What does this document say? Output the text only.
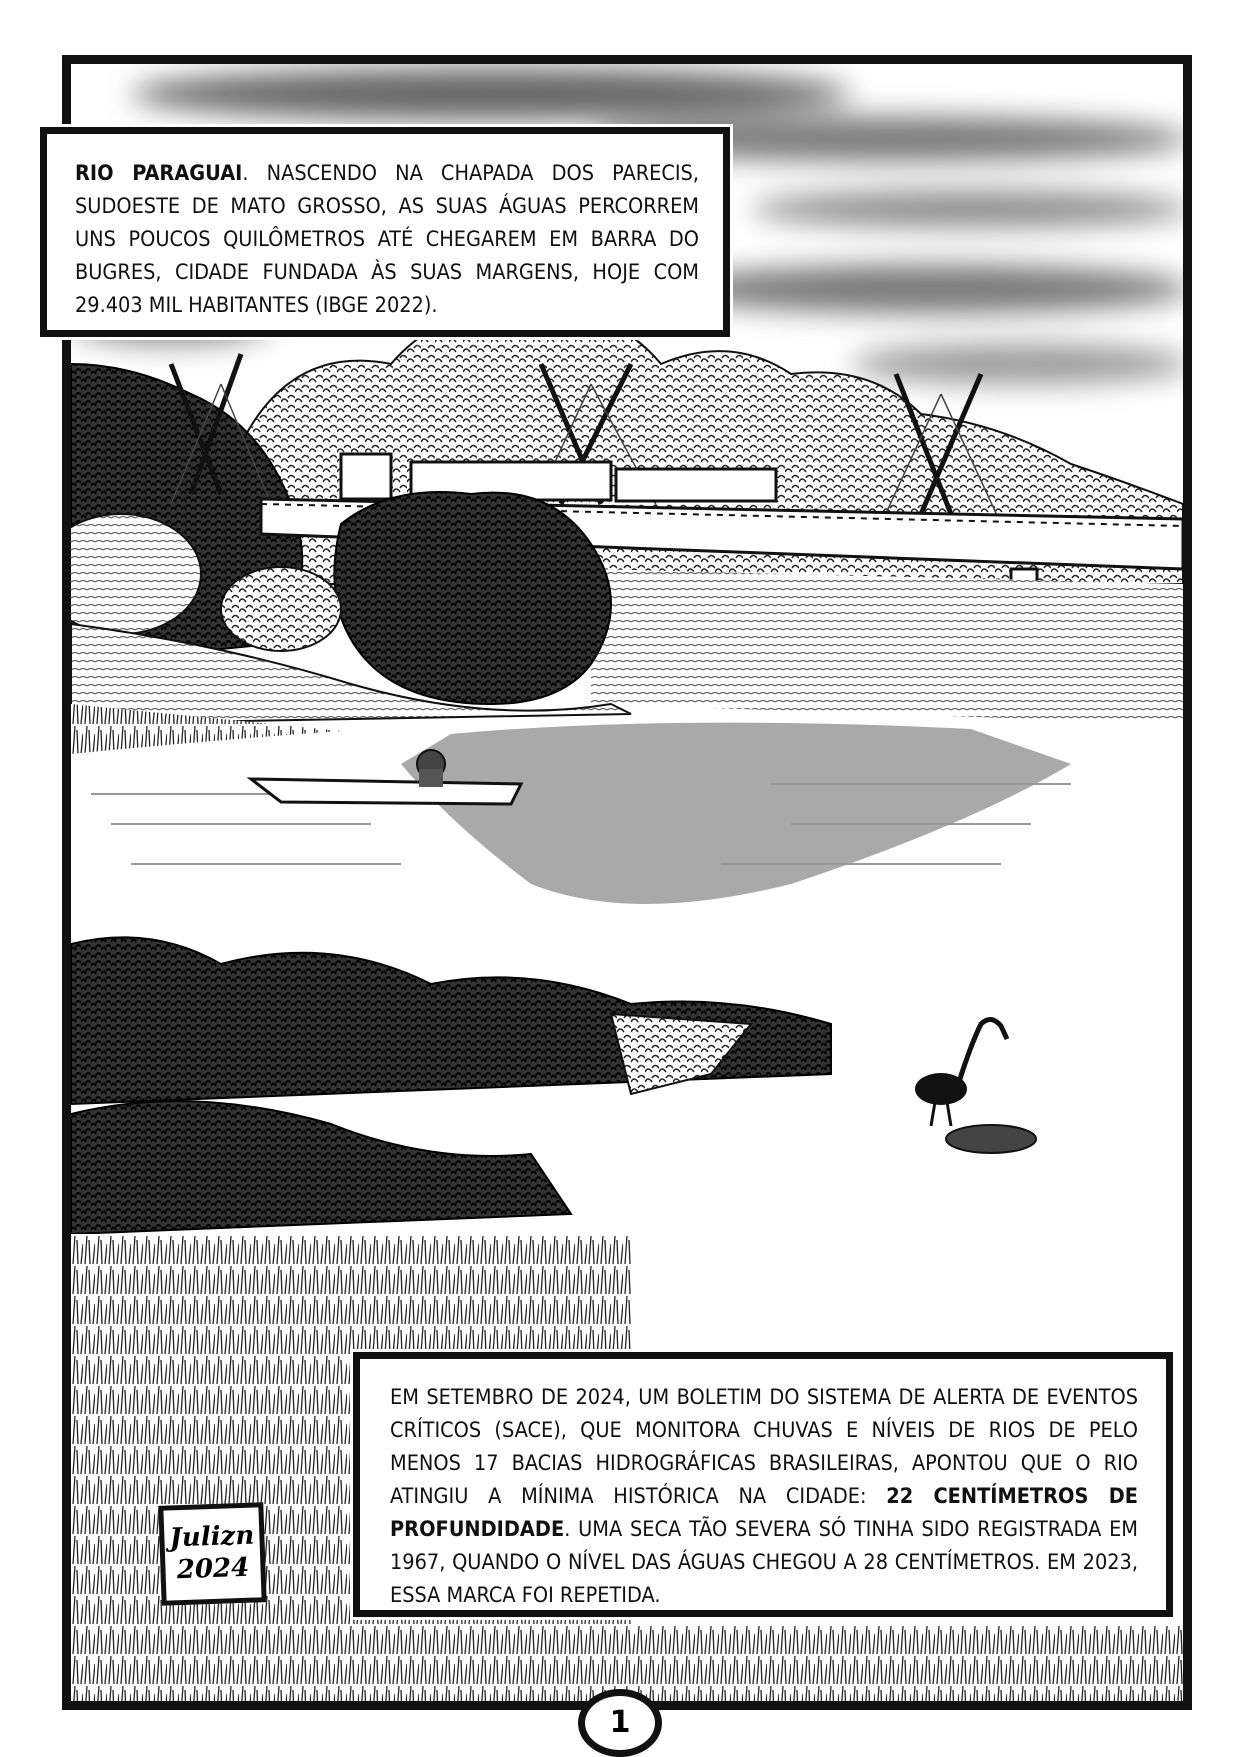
RIO PARAGUAI. NASCENDO NA CHAPADA DOS PARECIS, SUDOESTE DE MATO GROSSO, AS SUAS ÁGUAS PERCORREM UNS POUCOS QUILÔMETROS ATÉ CHEGAREM EM BARRA DO BUGRES, CIDADE FUNDADA ÀS SUAS MARGENS, HOJE COM 29.403 MIL HABITANTES (IBGE 2022).
EM SETEMBRO DE 2024, UM BOLETIM DO SISTEMA DE ALERTA DE EVENTOS CRÍTICOS (SACE), QUE MONITORA CHUVAS E NÍVEIS DE RIOS DE PELO MENOS 17 BACIAS HIDROGRÁFICAS BRASILEIRAS, APONTOU QUE O RIO ATINGIU A MÍNIMA HISTÓRICA NA CIDADE: 22 CENTÍMETROS DE PROFUNDIDADE. UMA SECA TÃO SEVERA SÓ TINHA SIDO REGISTRADA EM 1967, QUANDO O NÍVEL DAS ÁGUAS CHEGOU A 28 CENTÍMETROS. EM 2023, ESSA MARCA FOI REPETIDA.
Julizn
2024
1
